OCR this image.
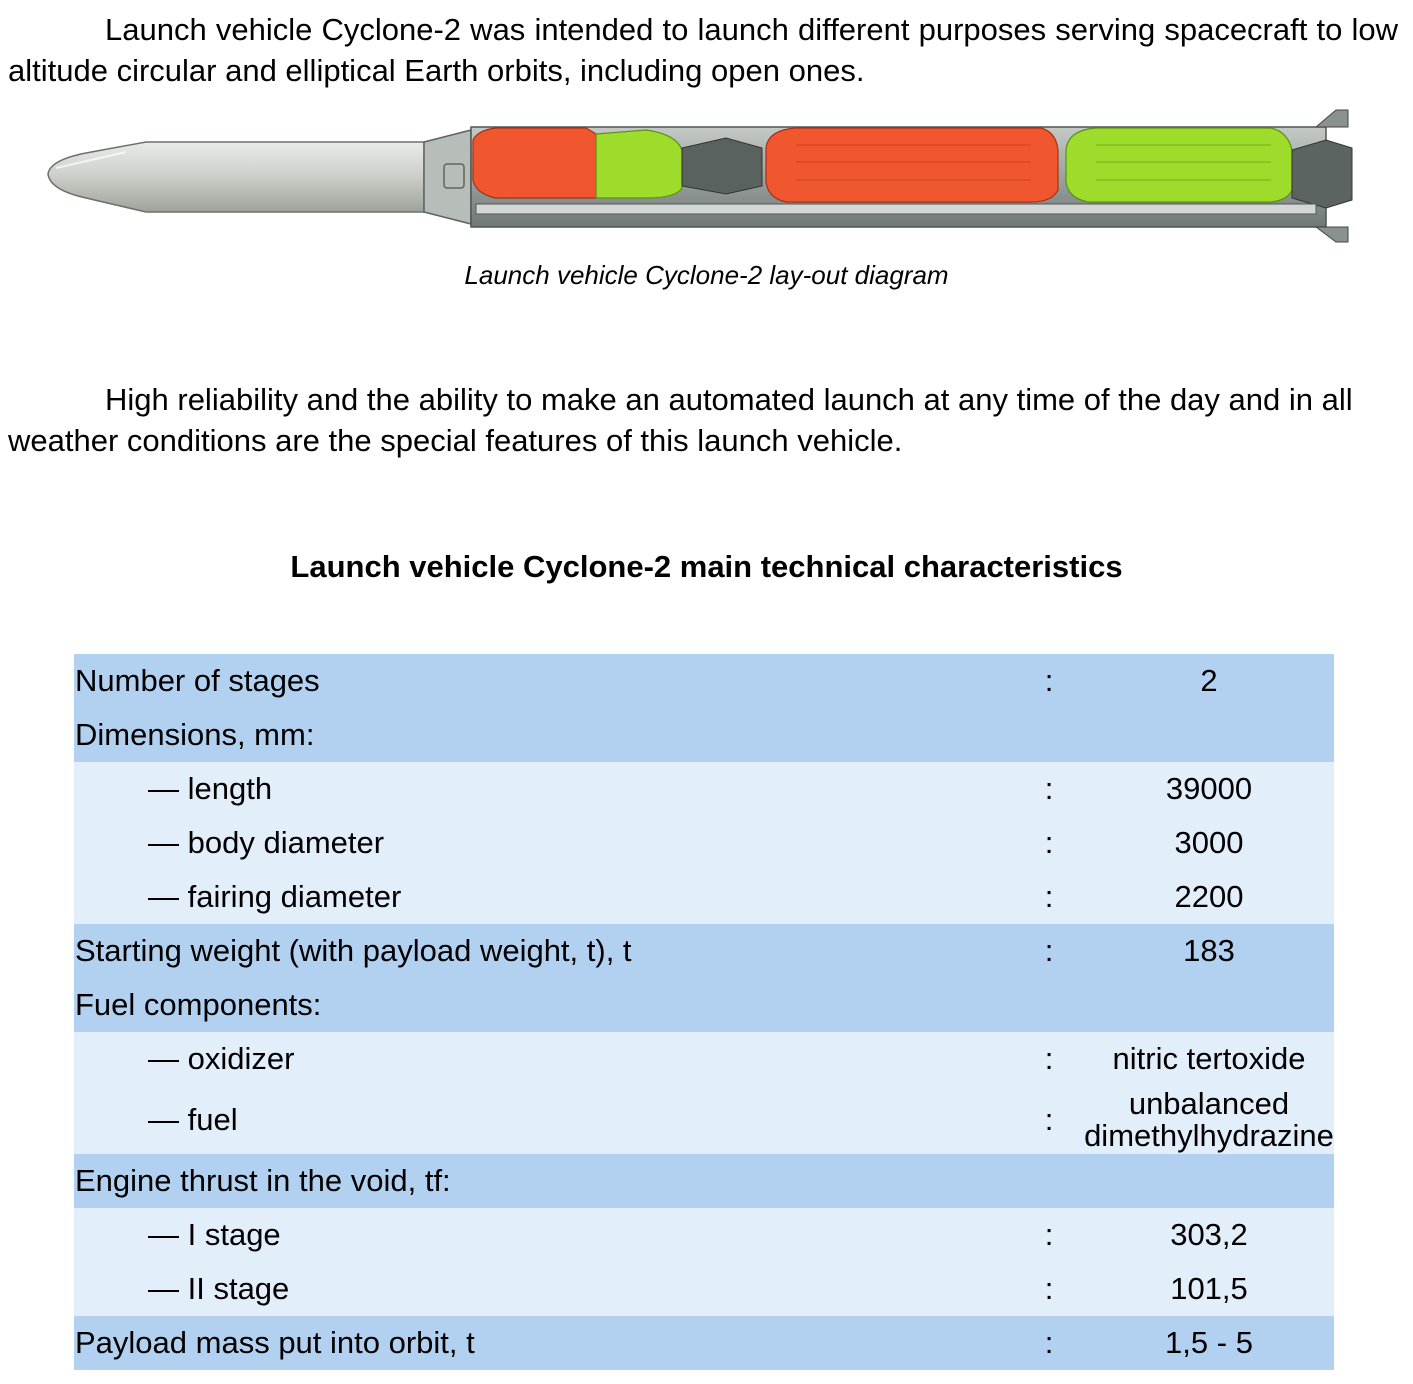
Launch vehicle Cyclone-2 was intended to launch different purposes serving spacecraft to low altitude circular and elliptical Earth orbits, including open ones.

Launch vehicle Cyclone-2 lay-out diagram

High reliability and the ability to make an automated launch at any time of the day and in all weather conditions are the special features of this launch vehicle.

Launch vehicle Cyclone-2 main technical characteristics
Number of stages	:	2
Dimensions, mm:		
— length	:	39000
— body diameter	:	3000
— fairing diameter	:	2200
Starting weight (with payload weight, t), t	:	183
Fuel components:		
— oxidizer	:	nitric tertoxide
— fuel	:	unbalanced
dimethylhydrazine
Engine thrust in the void, tf:		
— I stage	:	303,2
— II stage	:	101,5
Payload mass put into orbit, t	:	1,5 - 5
